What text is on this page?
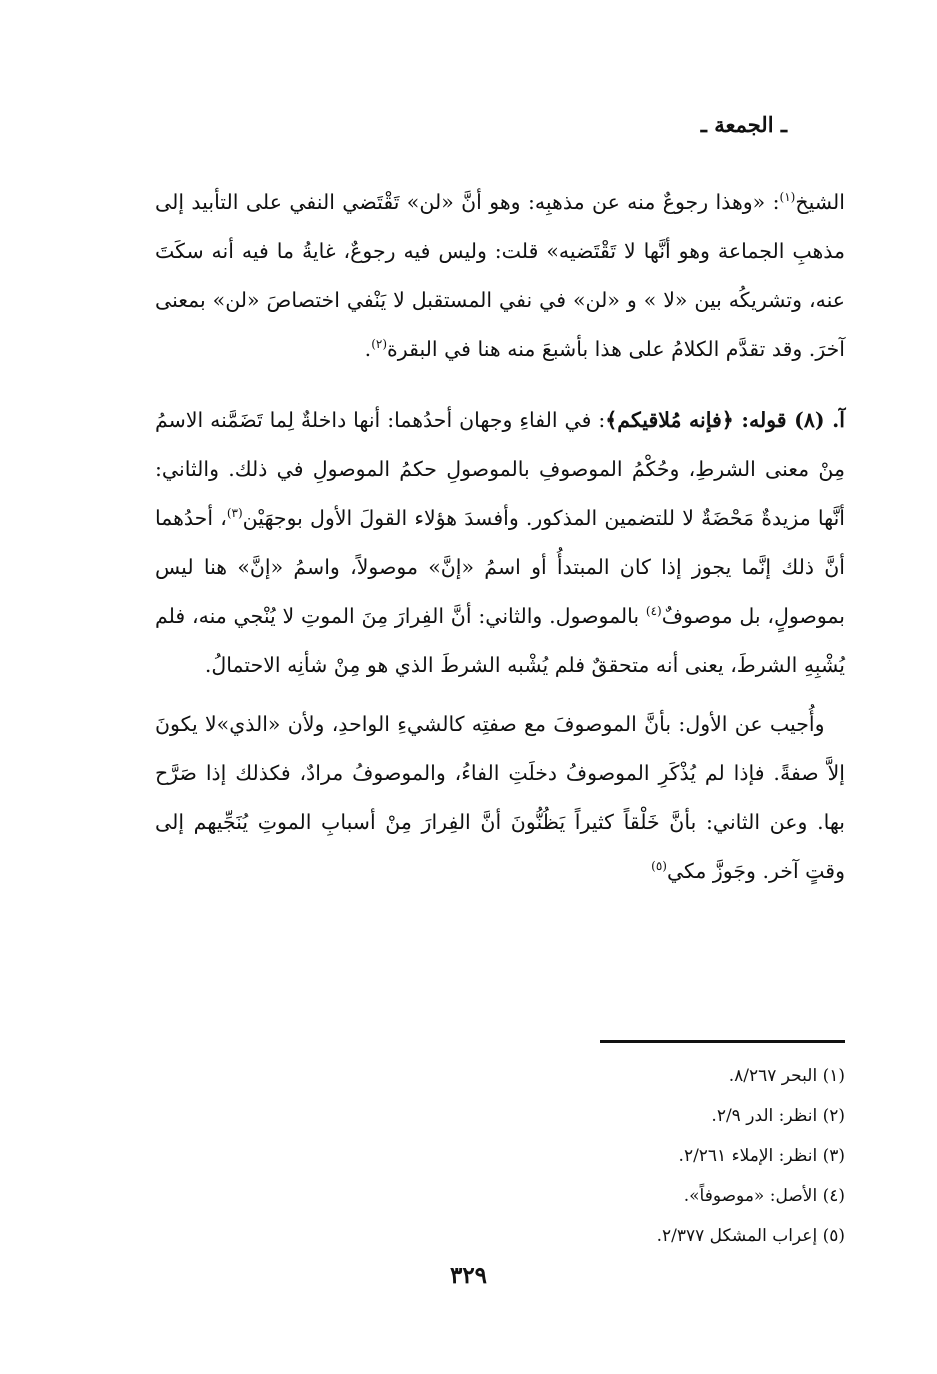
ـ الجمعة ـ

الشيخ$^{(١)}$: «وهذا رجوعٌ منه عن مذهبِه: وهو أنَّ «لن» تَقْتَضي النفي على التأبيد إلى مذهبِ الجماعة وهو أنَّها لا تَقْتَضيه» قلت: وليس فيه رجوعٌ، غايةُ ما فيه أنه سكَتَ عنه، وتشريكُه بين «لا » و «لن» في نفي المستقبل لا يَنْفي اختصاصَ «لن» بمعنى آخرَ. وقد تقدَّم الكلامُ على هذا بأشبعَ منه هنا في البقرة$^{(٢)}$.

آ. (٨) قوله: ﴿فإنه مُلاقيكم﴾: في الفاءِ وجهان أحدُهما: أنها داخلةٌ لِما تَضَمَّنه الاسمُ مِنْ معنى الشرطِ، وحُكْمُ الموصوفِ بالموصولِ حكمُ الموصولِ في ذلك. والثاني: أنَّها مزيدةٌ مَحْضَةٌ لا للتضمين المذكور. وأفسدَ هؤلاء القولَ الأول بوجهَيْن$^{(٣)}$، أحدُهما أنَّ ذلك إنَّما يجوز إذا كان المبتدأُ أو اسمُ «إنَّ» موصولاً، واسمُ «إنَّ» هنا ليس بموصولٍ، بل موصوفٌ$^{(٤)}$ بالموصول. والثاني: أنَّ الفِرارَ مِنَ الموتِ لا يُنْجي منه، فلم يُشْبِهِ الشرطَ، يعنى أنه متحققٌ فلم يُشْبه الشرطَ الذي هو مِنْ شأنِه الاحتمالُ.

 وأُجيب عن الأول: بأنَّ الموصوفَ مع صفتِه كالشيءِ الواحدِ، ولأن «الذي»لا يكونَ إلاَّ صفةً. فإذا لم يُذْكَرِ الموصوفُ دخلَتِ الفاءُ، والموصوفُ مرادٌ، فكذلك إذا صَرَّح بها. وعن الثاني: بأنَّ خَلْقاً كثيراً يَظُنُّونَ أنَّ الفِرارَ مِنْ أسبابِ الموتِ يُنَجِّيهم إلى وقتٍ آخر. وجَوزَّ مكي$^{(٥)}$

(١) البحر ٨/٢٦٧.
(٢) انظر: الدر ٢/٩.
(٣) انظر: الإملاء ٢/٢٦١.
(٤) الأصل: «موصوفاً».
(٥) إعراب المشكل ٢/٣٧٧.
٣٢٩
